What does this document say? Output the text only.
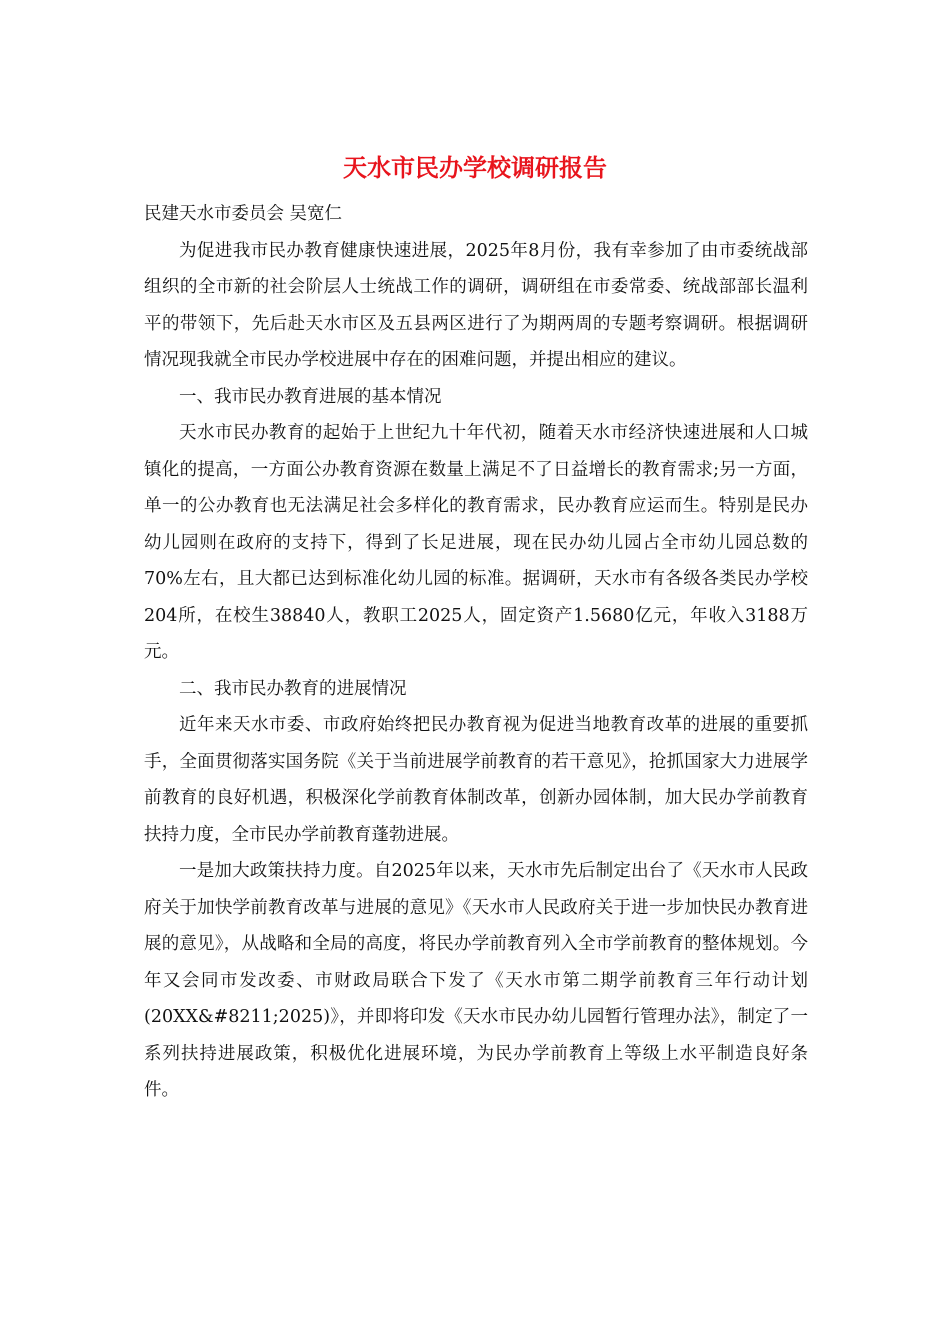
天水市民办学校调研报告

民建天水市委员会 吴宽仁

为促进我市民办教育健康快速进展，2025年8月份，我有幸参加了由市委统战部组织的全市新的社会阶层人士统战工作的调研，调研组在市委常委、统战部部长温利平的带领下，先后赴天水市区及五县两区进行了为期两周的专题考察调研。根据调研情况现我就全市民办学校进展中存在的困难问题，并提出相应的建议。

一、我市民办教育进展的基本情况

天水市民办教育的起始于上世纪九十年代初，随着天水市经济快速进展和人口城镇化的提高，一方面公办教育资源在数量上满足不了日益增长的教育需求;另一方面，单一的公办教育也无法满足社会多样化的教育需求，民办教育应运而生。特别是民办幼儿园则在政府的支持下，得到了长足进展，现在民办幼儿园占全市幼儿园总数的70%左右，且大都已达到标准化幼儿园的标准。据调研，天水市有各级各类民办学校204所，在校生38840人，教职工2025人，固定资产1.5680亿元，年收入3188万元。

二、我市民办教育的进展情况

近年来天水市委、市政府始终把民办教育视为促进当地教育改革的进展的重要抓手，全面贯彻落实国务院《关于当前进展学前教育的若干意见》，抢抓国家大力进展学前教育的良好机遇，积极深化学前教育体制改革，创新办园体制，加大民办学前教育扶持力度，全市民办学前教育蓬勃进展。

一是加大政策扶持力度。自2025年以来，天水市先后制定出台了《天水市人民政府关于加快学前教育改革与进展的意见》《天水市人民政府关于进一步加快民办教育进展的意见》，从战略和全局的高度，将民办学前教育列入全市学前教育的整体规划。今年又会同市发改委、市财政局联合下发了《天水市第二期学前教育三年行动计划(20XX&#8211;2025)》，并即将印发《天水市民办幼儿园暂行管理办法》，制定了一系列扶持进展政策，积极优化进展环境，为民办学前教育上等级上水平制造良好条件。
